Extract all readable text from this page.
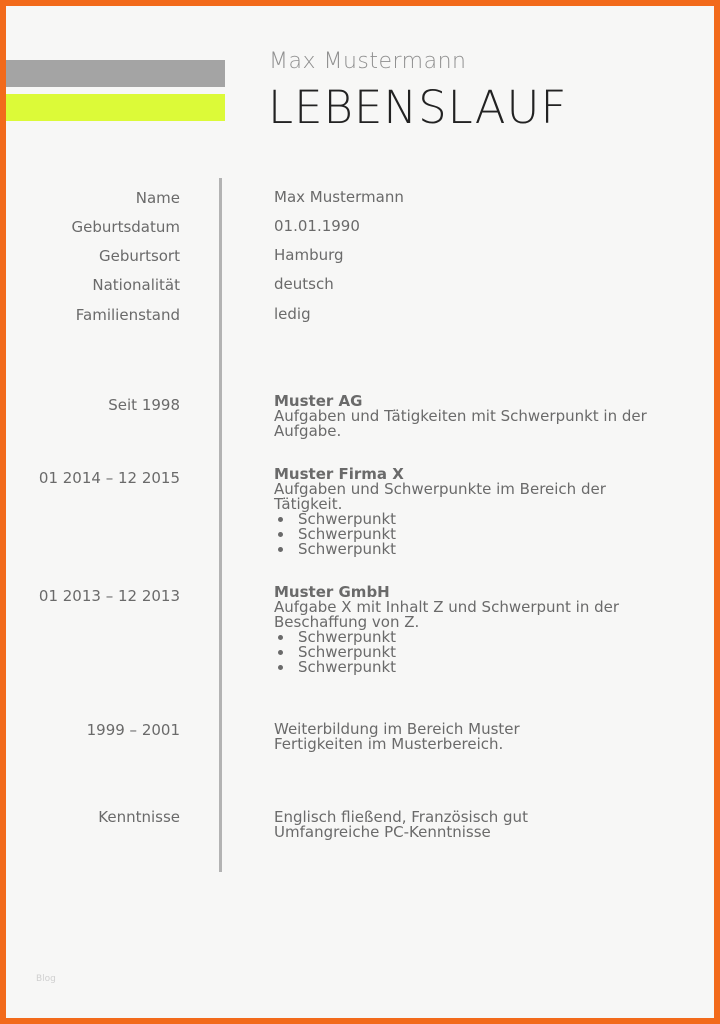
Max Mustermann
LEBENSLAUF
Name	Max Mustermann
Geburtsdatum	01.01.1990
Geburtsort	Hamburg
Nationalität	deutsch
Familienstand	ledig
Seit 1998	Muster AG
Aufgaben und Tätigkeiten mit Schwerpunkt in der Aufgabe.
01 2014 – 12 2015	Muster Firma X
Aufgaben und Schwerpunkte im Bereich der Tätigkeit.
• Schwerpunkt
• Schwerpunkt
• Schwerpunkt
01 2013 – 12 2013	Muster GmbH
Aufgabe X mit Inhalt Z und Schwerpunt in der Beschaffung von Z.
• Schwerpunkt
• Schwerpunkt
• Schwerpunkt
1999 – 2001	Weiterbildung im Bereich Muster
Fertigkeiten im Musterbereich.
Kenntnisse	Englisch fließend, Französisch gut
Umfangreiche PC-Kenntnisse
Blog
